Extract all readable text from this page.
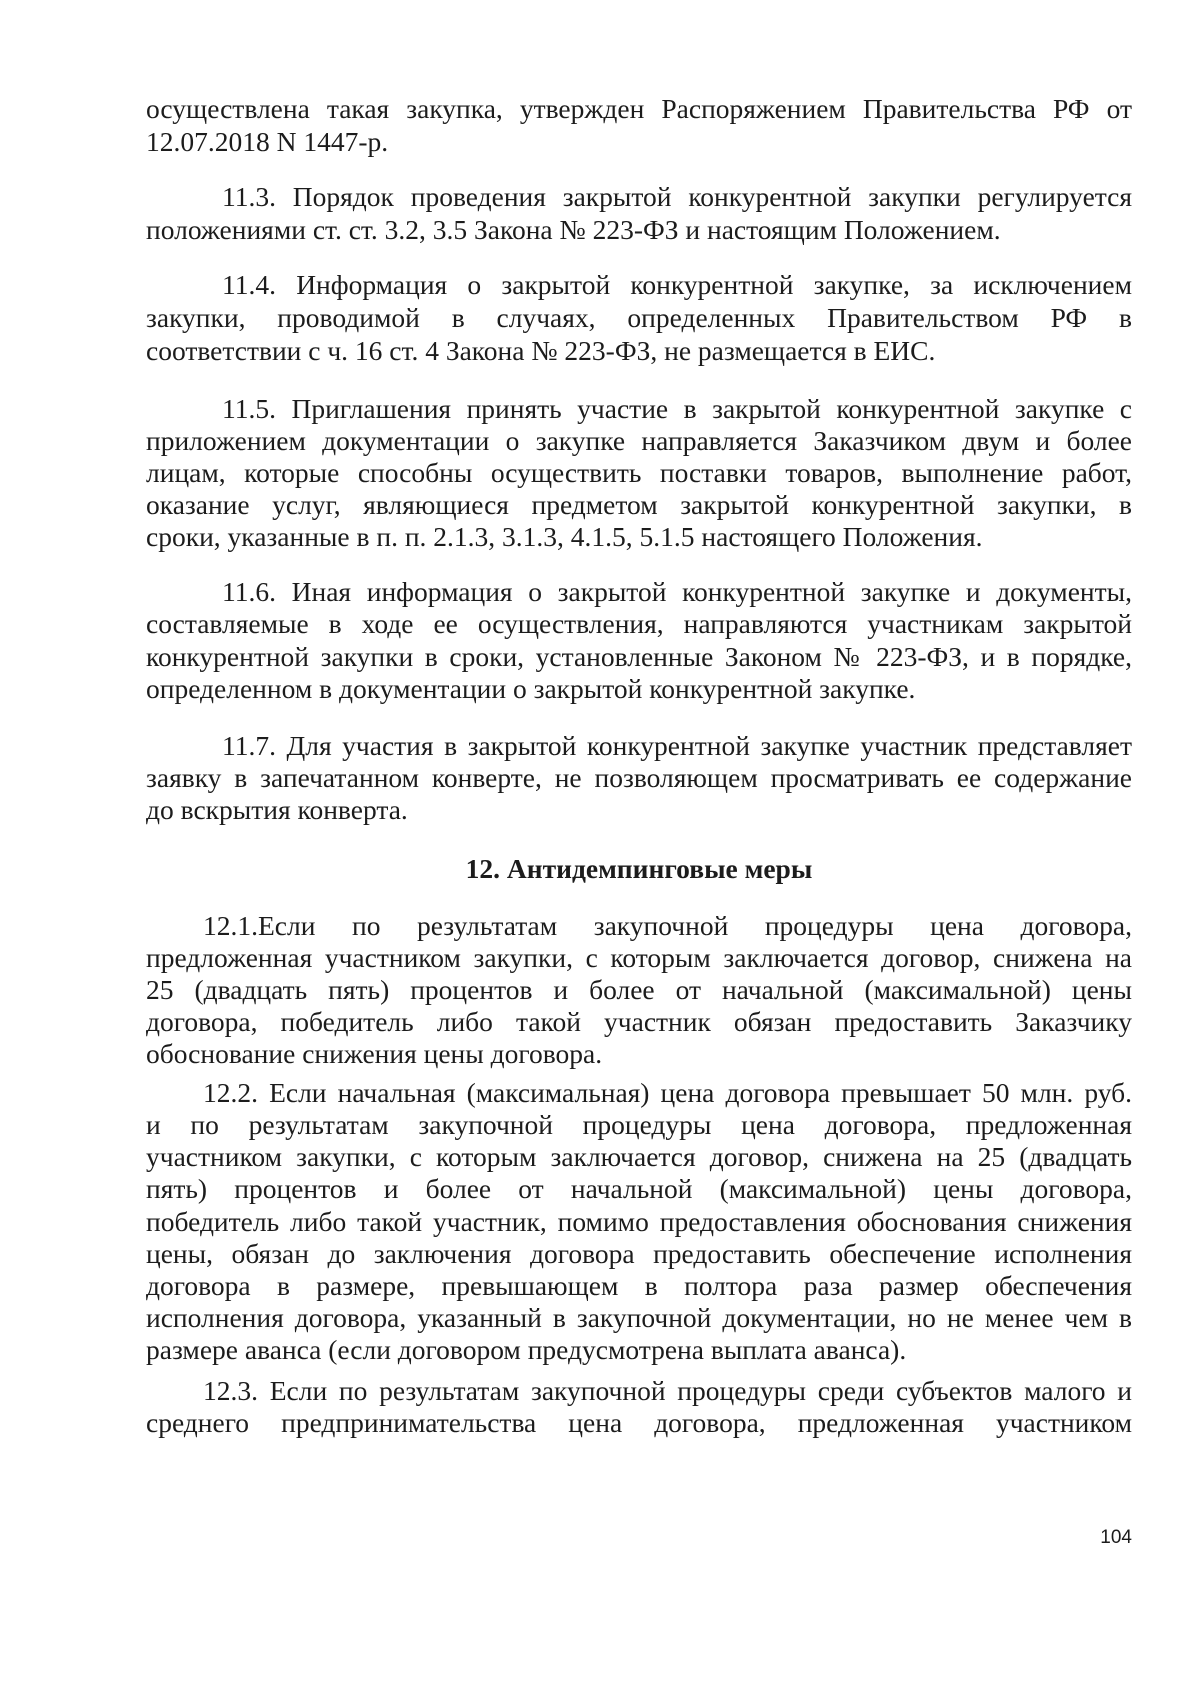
осуществлена такая закупка, утвержден Распоряжением Правительства РФ от
12.07.2018 N 1447-р.
11.3. Порядок проведения закрытой конкурентной закупки регулируется
положениями ст. ст. 3.2, 3.5 Закона № 223-ФЗ и настоящим Положением.
11.4. Информация о закрытой конкурентной закупке, за исключением
закупки, проводимой в случаях, определенных Правительством РФ в
соответствии с ч. 16 ст. 4 Закона № 223-ФЗ, не размещается в ЕИС.
11.5. Приглашения принять участие в закрытой конкурентной закупке с
приложением документации о закупке направляется Заказчиком двум и более
лицам, которые способны осуществить поставки товаров, выполнение работ,
оказание услуг, являющиеся предметом закрытой конкурентной закупки, в
сроки, указанные в п. п. 2.1.3, 3.1.3, 4.1.5, 5.1.5 настоящего Положения.
11.6. Иная информация о закрытой конкурентной закупке и документы,
составляемые в ходе ее осуществления, направляются участникам закрытой
конкурентной закупки в сроки, установленные Законом № 223-ФЗ, и в порядке,
определенном в документации о закрытой конкурентной закупке.
11.7. Для участия в закрытой конкурентной закупке участник представляет
заявку в запечатанном конверте, не позволяющем просматривать ее содержание
до вскрытия конверта.
12. Антидемпинговые меры
12.1.Если по результатам закупочной процедуры цена договора,
предложенная участником закупки, с которым заключается договор, снижена на
25 (двадцать пять) процентов и более от начальной (максимальной) цены
договора, победитель либо такой участник обязан предоставить Заказчику
обоснование снижения цены договора.
12.2. Если начальная (максимальная) цена договора превышает 50 млн. руб.
и по результатам закупочной процедуры цена договора, предложенная
участником закупки, с которым заключается договор, снижена на 25 (двадцать
пять) процентов и более от начальной (максимальной) цены договора,
победитель либо такой участник, помимо предоставления обоснования снижения
цены, обязан до заключения договора предоставить обеспечение исполнения
договора в размере, превышающем в полтора раза размер обеспечения
исполнения договора, указанный в закупочной документации, но не менее чем в
размере аванса (если договором предусмотрена выплата аванса).
12.3. Если по результатам закупочной процедуры среди субъектов малого и
среднего предпринимательства цена договора, предложенная участником
104
